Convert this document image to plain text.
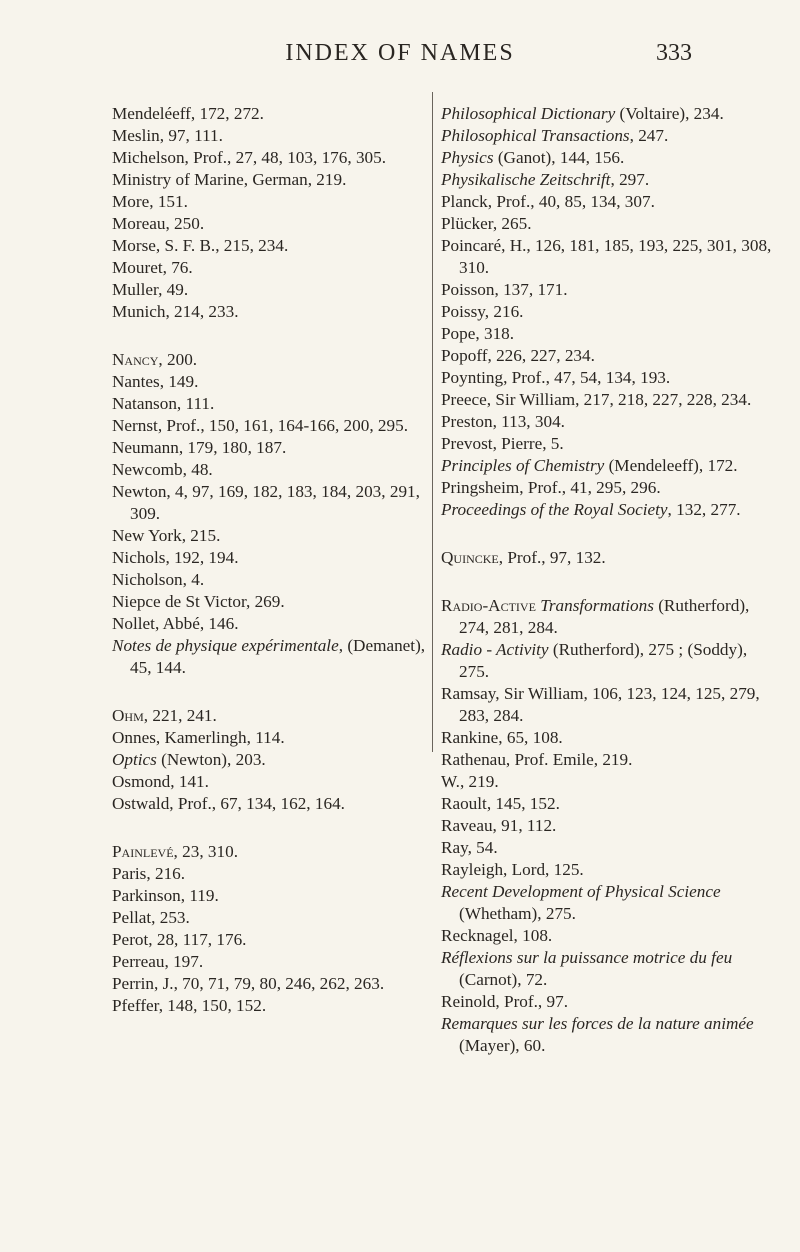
INDEX OF NAMES	333

Mendeléeff, 172, 272.

Meslin, 97, 111.

Michelson, Prof., 27, 48, 103, 176, 305.

Ministry of Marine, German, 219.

More, 151.

Moreau, 250.

Morse, S. F. B., 215, 234.

Mouret, 76.

Muller, 49.

Munich, 214, 233.

Nancy, 200.

Nantes, 149.

Natanson, 111.

Nernst, Prof., 150, 161, 164-166, 200, 295.

Neumann, 179, 180, 187.

Newcomb, 48.

Newton, 4, 97, 169, 182, 183, 184, 203, 291, 309.

New York, 215.

Nichols, 192, 194.

Nicholson, 4.

Niepce de St Victor, 269.

Nollet, Abbé, 146.

Notes de physique expérimentale, (Demanet), 45, 144.

Ohm, 221, 241.

Onnes, Kamerlingh, 114.

Optics (Newton), 203.

Osmond, 141.

Ostwald, Prof., 67, 134, 162, 164.

Painlevé, 23, 310.

Paris, 216.

Parkinson, 119.

Pellat, 253.

Perot, 28, 117, 176.

Perreau, 197.

Perrin, J., 70, 71, 79, 80, 246, 262, 263.

Pfeffer, 148, 150, 152.

Philosophical Dictionary (Voltaire), 234.

Philosophical Transactions, 247.

Physics (Ganot), 144, 156.

Physikalische Zeitschrift, 297.

Planck, Prof., 40, 85, 134, 307.

Plücker, 265.

Poincaré, H., 126, 181, 185, 193, 225, 301, 308, 310.

Poisson, 137, 171.

Poissy, 216.

Pope, 318.

Popoff, 226, 227, 234.

Poynting, Prof., 47, 54, 134, 193.

Preece, Sir William, 217, 218, 227, 228, 234.

Preston, 113, 304.

Prevost, Pierre, 5.

Principles of Chemistry (Mendeleeff), 172.

Pringsheim, Prof., 41, 295, 296.

Proceedings of the Royal Society, 132, 277.

Quincke, Prof., 97, 132.

Radio-Active Transformations (Rutherford), 274, 281, 284.

Radio - Activity (Rutherford), 275 ; (Soddy), 275.

Ramsay, Sir William, 106, 123, 124, 125, 279, 283, 284.

Rankine, 65, 108.

Rathenau, Prof. Emile, 219.

W., 219.

Raoult, 145, 152.

Raveau, 91, 112.

Ray, 54.

Rayleigh, Lord, 125.

Recent Development of Physical Science (Whetham), 275.

Recknagel, 108.

Réflexions sur la puissance motrice du feu (Carnot), 72.

Reinold, Prof., 97.

Remarques sur les forces de la nature animée (Mayer), 60.
